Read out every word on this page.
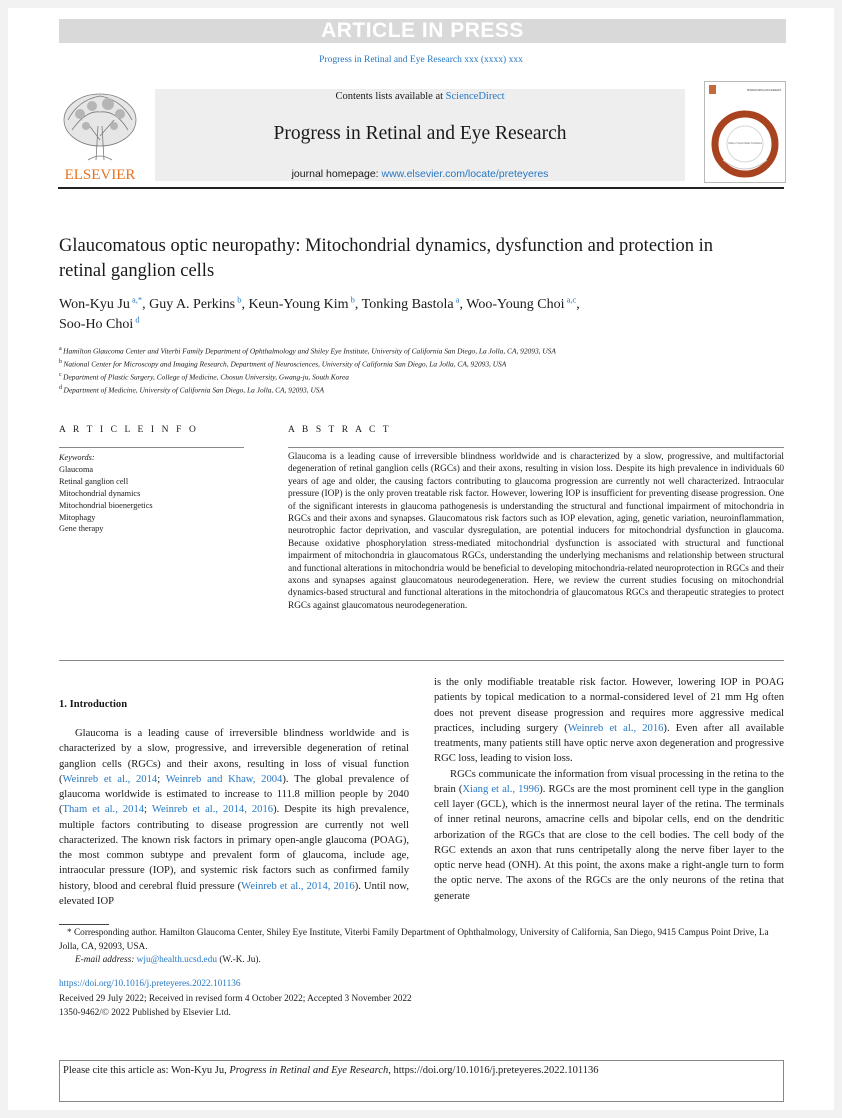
ARTICLE IN PRESS
Progress in Retinal and Eye Research xxx (xxxx) xxx
ELSEVIER
Contents lists available at ScienceDirect
Progress in Retinal and Eye Research
journal homepage: www.elsevier.com/locate/preteyeres
PROGRESS IN RETINAL AND EYE RESEARCH
Volume to X Special Number for Publication
Glaucomatous optic neuropathy: Mitochondrial dynamics, dysfunction and protection in retinal ganglion cells
Won-Kyu Ju $^{a,*}$, Guy A. Perkins $^b$, Keun-Young Kim $^b$, Tonking Bastola $^a$, Woo-Young Choi $^{a,c}$,
Soo-Ho Choi $^d$
$^a$ Hamilton Glaucoma Center and Viterbi Family Department of Ophthalmology and Shiley Eye Institute, University of California San Diego, La Jolla, CA, 92093, USA
$^b$ National Center for Microscopy and Imaging Research, Department of Neurosciences, University of California San Diego, La Jolla, CA, 92093, USA
$^c$ Department of Plastic Surgery, College of Medicine, Chosun University, Gwang-ju, South Korea
$^d$ Department of Medicine, University of California San Diego, La Jolla, CA, 92093, USA
A R T I C L E I N F O	A B S T R A C T
Keywords:
Glaucoma
Retinal ganglion cell
Mitochondrial dynamics
Mitochondrial bioenergetics
Mitophagy
Gene therapy
Glaucoma is a leading cause of irreversible blindness worldwide and is characterized by a slow, progressive, and multifactorial degeneration of retinal ganglion cells (RGCs) and their axons, resulting in vision loss. Despite its high prevalence in individuals 60 years of age and older, the causing factors contributing to glaucoma progression are currently not well characterized. Intraocular pressure (IOP) is the only proven treatable risk factor. However, lowering IOP is insufficient for preventing disease progression. One of the significant interests in glaucoma pathogenesis is understanding the structural and functional impairment of mitochondria in RGCs and their axons and synapses. Glaucomatous risk factors such as IOP elevation, aging, genetic variation, neuroinflammation, neurotrophic factor deprivation, and vascular dysregulation, are potential inducers for mitochondrial dysfunction in glaucoma. Because oxidative phosphorylation stress-mediated mitochondrial dysfunction is associated with structural and functional impairment of mitochondria in glaucomatous RGCs, understanding the underlying mechanisms and relationship between structural and functional alterations in mitochondria would be beneficial to developing mitochondria-related neuroprotection in RGCs and their axons and synapses against glaucomatous neurodegeneration. Here, we review the current studies focusing on mitochondrial dynamics-based structural and functional alterations in the mitochondria of glaucomatous RGCs and therapeutic strategies to protect RGCs against glaucomatous neurodegeneration.
1. Introduction

Glaucoma is a leading cause of irreversible blindness worldwide and is characterized by a slow, progressive, and irreversible degeneration of retinal ganglion cells (RGCs) and their axons, resulting in loss of visual function (Weinreb et al., 2014; Weinreb and Khaw, 2004). The global prevalence of glaucoma worldwide is estimated to increase to 111.8 million people by 2040 (Tham et al., 2014; Weinreb et al., 2014, 2016). Despite its high prevalence, multiple factors contributing to disease progression are currently not well characterized. The known risk factors in primary open-angle glaucoma (POAG), the most common subtype and prevalent form of glaucoma, include age, intraocular pressure (IOP), and systemic risk factors such as confirmed family history, blood and cerebral fluid pressure (Weinreb et al., 2014, 2016). Until now, elevated IOP

is the only modifiable treatable risk factor. However, lowering IOP in POAG patients by topical medication to a normal-considered level of 21 mm Hg often does not prevent disease progression and requires more aggressive medical practices, including surgery (Weinreb et al., 2016). Even after all available treatments, many patients still have optic nerve axon degeneration and progressive RGC loss, leading to vision loss.

RGCs communicate the information from visual processing in the retina to the brain (Xiang et al., 1996). RGCs are the most prominent cell type in the ganglion cell layer (GCL), which is the innermost neural layer of the retina. The terminals of inner retinal neurons, amacrine cells and bipolar cells, end on the dendritic arborization of the RGCs that are close to the cell bodies. The cell body of the RGC extends an axon that runs centripetally along the nerve fiber layer to the optic nerve head (ONH). At this point, the axons make a right-angle turn to form the optic nerve. The axons of the RGCs are the only neurons of the retina that generate

* Corresponding author. Hamilton Glaucoma Center, Shiley Eye Institute, Viterbi Family Department of Ophthalmology, University of California, San Diego, 9415 Campus Point Drive, La Jolla, CA, 92093, USA.

E-mail address: wju@health.ucsd.edu (W.-K. Ju).

https://doi.org/10.1016/j.preteyeres.2022.101136

Received 29 July 2022; Received in revised form 4 October 2022; Accepted 3 November 2022

1350-9462/© 2022 Published by Elsevier Ltd.

Please cite this article as: Won-Kyu Ju, Progress in Retinal and Eye Research, https://doi.org/10.1016/j.preteyeres.2022.101136
